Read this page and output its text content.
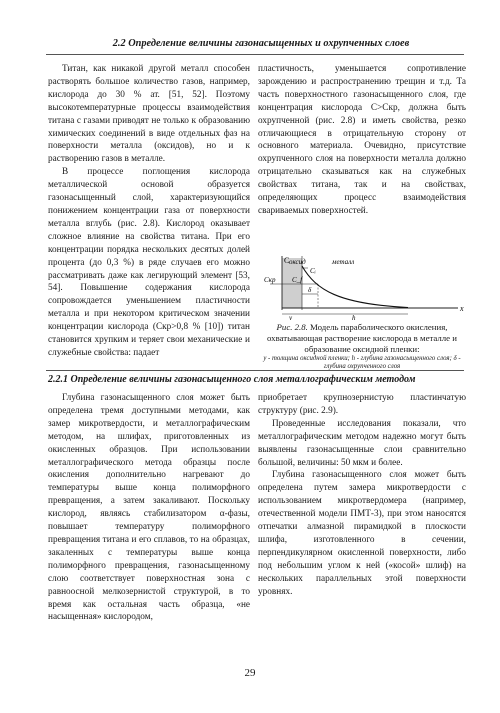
2.2 Определение величины газонасыщенных и охрупченных слоев

Титан, как никакой другой металл способен растворять большое количество газов, например, кислорода до 30 % ат. [51, 52]. Поэтому высокотемпературные процессы взаимодействия титана с газами приводят не только к образованию химических соединений в виде отдельных фаз на поверхности металла (оксидов), но и к растворению газов в металле.

В процессе поглощения кислорода металлической основой образуется газонасыщенный слой, характеризующийся понижением концентрации газа от поверхности металла вглубь (рис. 2.8). Кислород оказывает сложное влияние на свойства титана. При его концентрации порядка нескольких десятых долей процента (до 0,3 %) в ряде случаев его можно рассматривать даже как легирующий элемент [53, 54]. Повышение содержания кислорода сопровождается уменьшением пластичности металла и при некотором критическом значении концентрации кислорода (Cкр>0,8 % [10]) титан становится хрупким и теряет свои механические и служебные свойства: падает

пластичность, уменьшается сопротивление зарождению и распространению трещин и т.д. Та часть поверхностного газонасыщенного слоя, где концентрация кислорода C>Cкр, должна быть охрупченной (рис. 2.8) и иметь свойства, резко отличающиеся в отрицательную сторону от основного материала. Очевидно, присутствие охрупченного слоя на поверхности металла должно отрицательно сказываться как на служебных свойствах титана, так и на свойствах, определяющих процесс взаимодействия свариваемых поверхностей.

C оксид	металл
Cᵢ
C_f
Cкр
δ
y	h
x
Рис. 2.8. Модель параболического окисления, охватывающая растворение кислорода в металле и образование оксидной пленки:
y - толщина оксидной пленки; h - глубина газонасыщенного слоя; δ - глубина охрупченного слоя
2.2.1 Определение величины газонасыщенного слоя металлографическим методом

Глубина газонасыщенного слоя может быть определена тремя доступными методами, как замер микротвердости, и металлографическим методом, на шлифах, приготовленных из окисленных образцов. При использовании металлографического метода образцы после окисления дополнительно нагревают до температуры выше конца полиморфного превращения, а затем закаливают. Поскольку кислород, являясь стабилизатором α-фазы, повышает температуру полиморфного превращения титана и его сплавов, то на образцах, закаленных с температуры выше конца полиморфного превращения, газонасыщенному слою соответствует поверхностная зона с равноосной мелкозернистой структурой, в то время как остальная часть образца, «не насыщенная» кислородом,

приобретает крупнозернистую пластинчатую структуру (рис. 2.9).

Проведенные исследования показали, что металлографическим методом надежно могут быть выявлены газонасыщенные слои сравнительно большой, величины: 50 мкм и более.

Глубина газонасыщенного слоя может быть определена путем замера микротвердости с использованием микротвердомера (например, отечественной модели ПМТ-3), при этом наносятся отпечатки алмазной пирамидкой в плоскости шлифа, изготовленного в сечении, перпендикулярном окисленной поверхности, либо под небольшим углом к ней («косой» шлиф) на нескольких параллельных этой поверхности уровнях.

29
